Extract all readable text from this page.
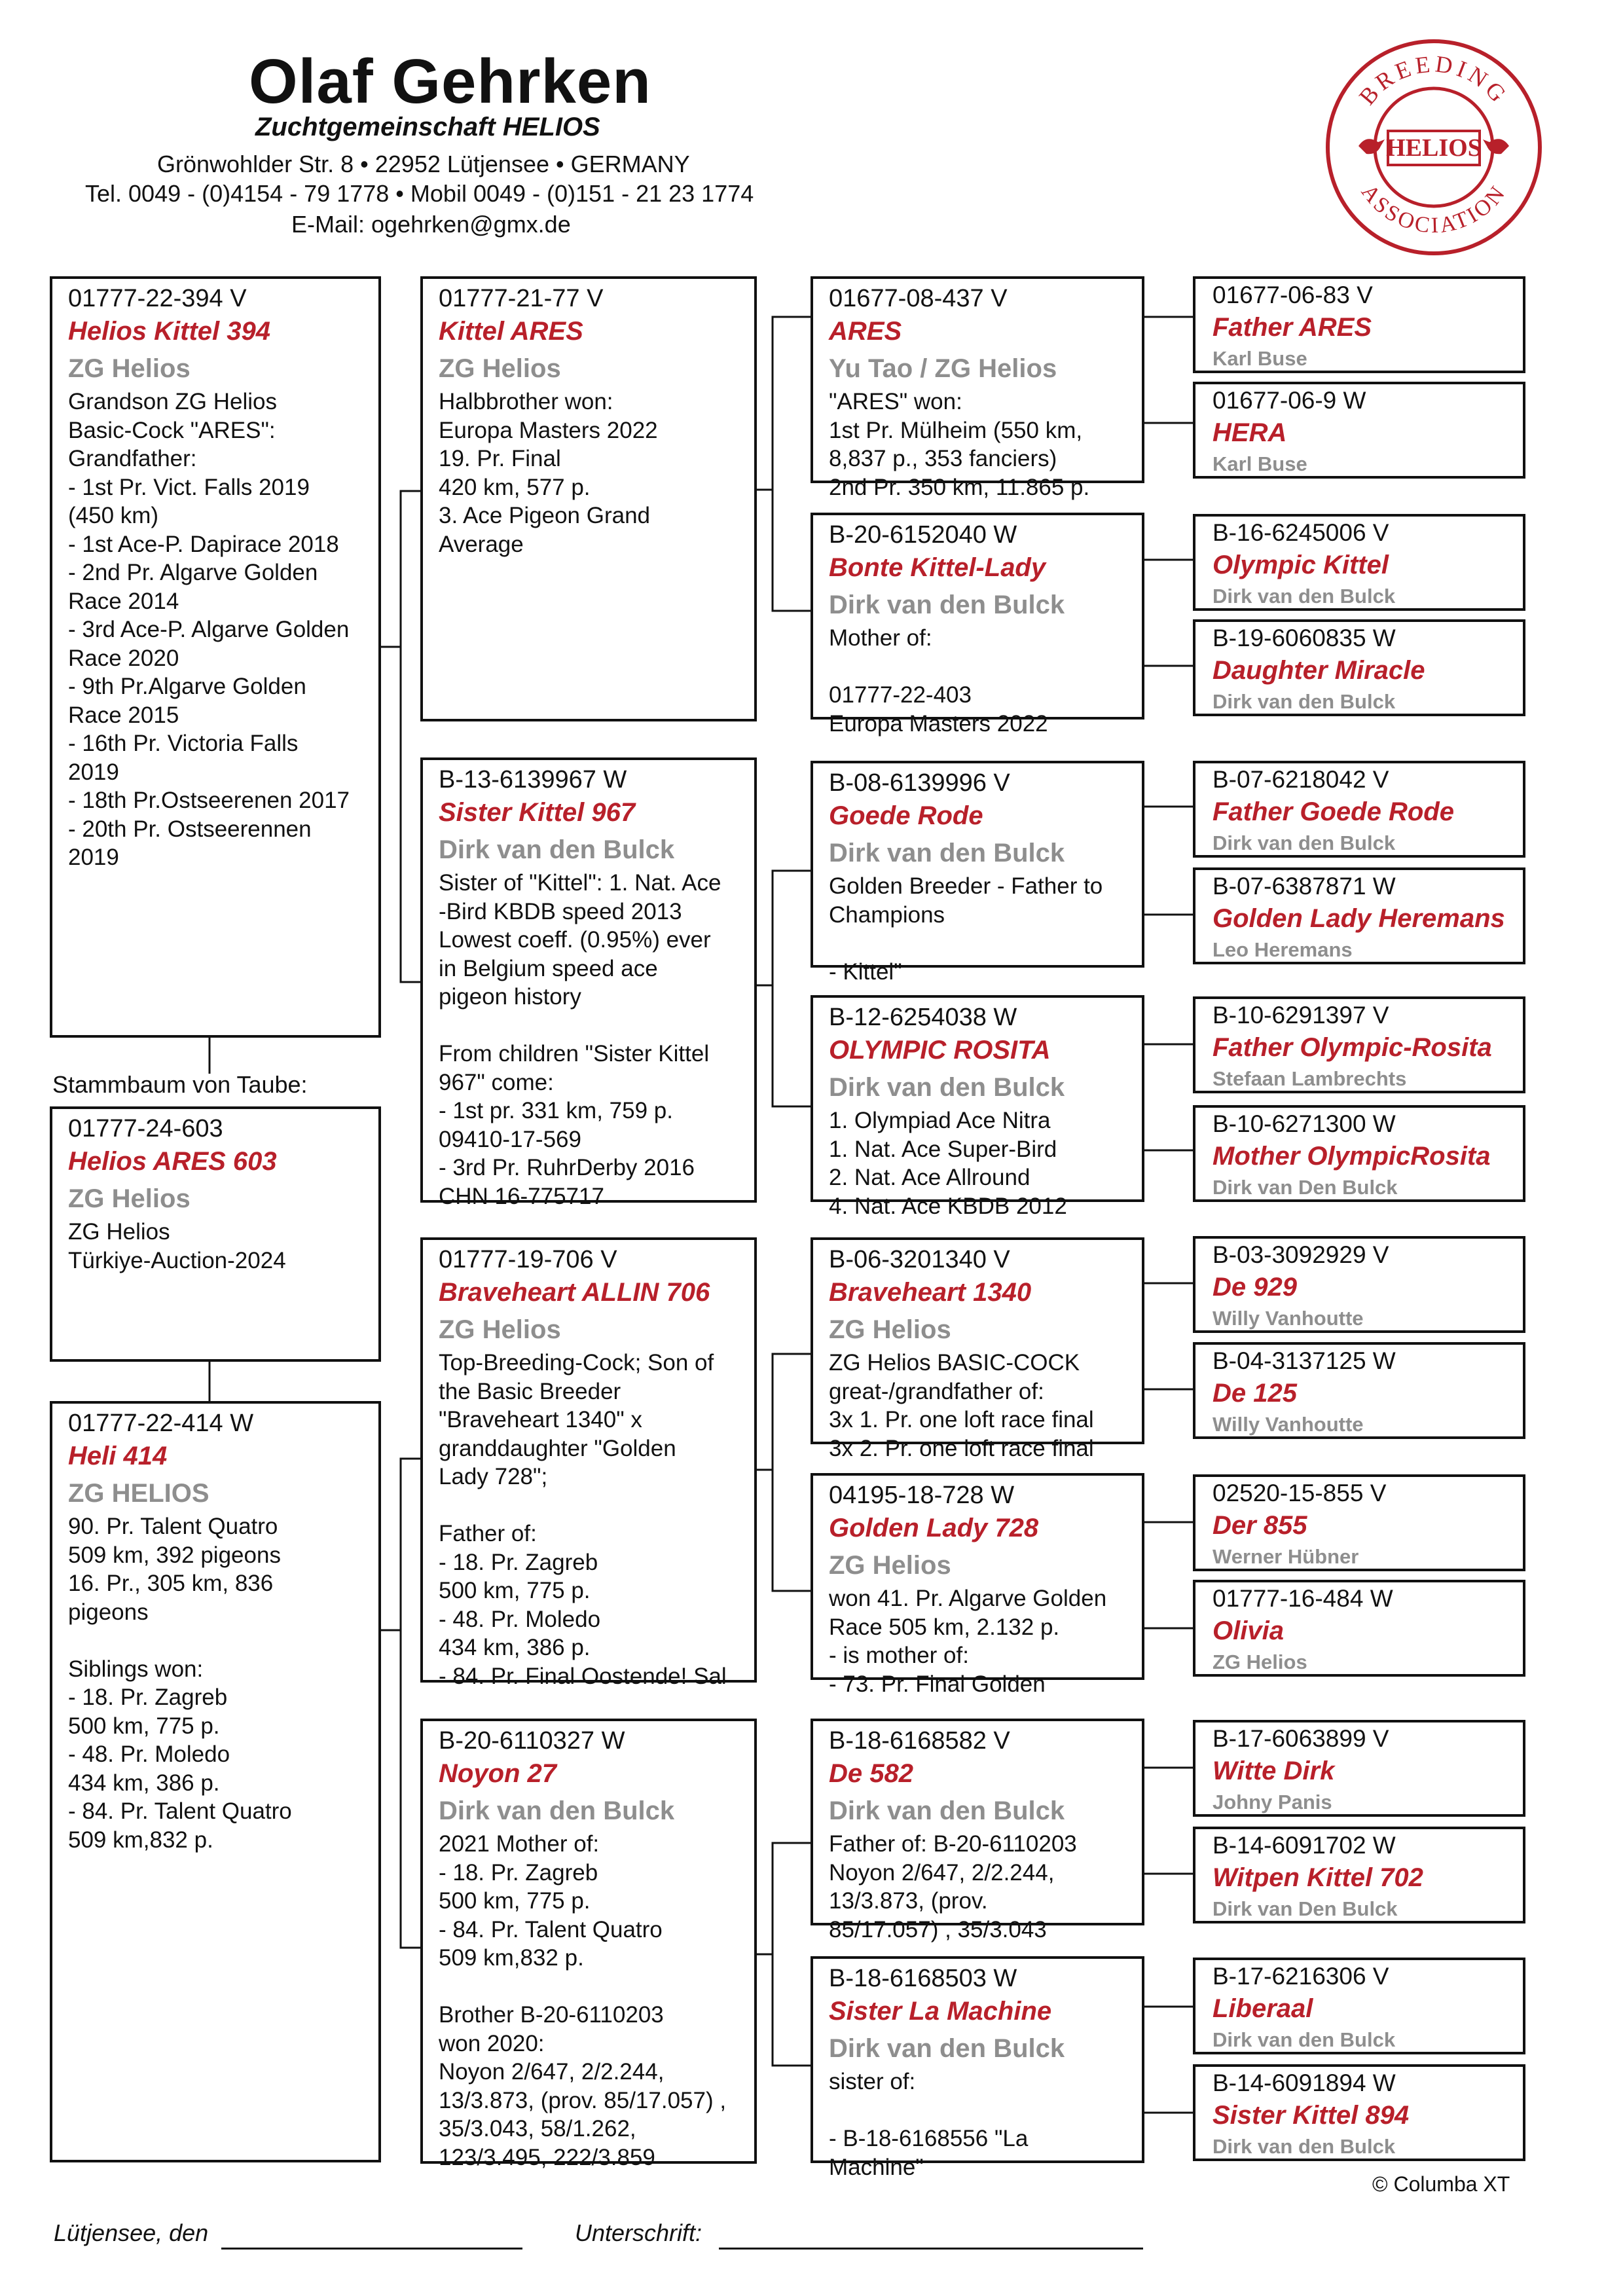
Olaf Gehrken
Zuchtgemeinschaft HELIOS
Grönwohlder Str. 8 • 22952 Lütjensee • GERMANY
Tel. 0049 - (0)4154 - 79 1778 • Mobil 0049 - (0)151 - 21 23 1774
E-Mail: ogehrken@gmx.de
BREEDING
ASSOCIATION
HELIOS
01777-22-394 V
Helios Kittel 394
ZG Helios
Grandson ZG Helios
Basic-Cock "ARES":
Grandfather:
- 1st Pr. Vict. Falls 2019
(450 km)
- 1st Ace-P. Dapirace 2018
- 2nd Pr. Algarve Golden
Race 2014
- 3rd Ace-P. Algarve Golden
Race 2020
- 9th Pr.Algarve Golden
Race 2015
- 16th Pr. Victoria Falls
2019
- 18th Pr.Ostseerenen 2017
- 20th Pr. Ostseerennen
2019
Stammbaum von Taube:
01777-24-603
Helios ARES 603
ZG Helios
ZG Helios
Türkiye-Auction-2024
01777-22-414 W
Heli 414
ZG HELIOS
90. Pr. Talent Quatro
509 km, 392 pigeons
16. Pr., 305 km, 836
pigeons

Siblings won:
- 18. Pr. Zagreb
500 km, 775 p.
- 48. Pr. Moledo
434 km, 386 p.
- 84. Pr. Talent Quatro
509 km,832 p.
01777-21-77 V
Kittel ARES
ZG Helios
Halbbrother won:
Europa Masters 2022
19. Pr. Final
420 km, 577 p.
3. Ace Pigeon Grand
Average
B-13-6139967 W
Sister Kittel 967
Dirk van den Bulck
Sister of "Kittel": 1. Nat. Ace
-Bird KBDB speed 2013
Lowest coeff. (0.95%) ever
in Belgium speed ace
pigeon history

From children "Sister Kittel
967" come:
- 1st pr. 331 km, 759 p.
09410-17-569
- 3rd Pr. RuhrDerby 2016
CHN 16-775717
01777-19-706 V
Braveheart ALLIN 706
ZG Helios
Top-Breeding-Cock; Son of
the Basic Breeder
"Braveheart 1340" x
granddaughter "Golden
Lady 728";

Father of:
- 18. Pr. Zagreb
500 km, 775 p.
- 48. Pr. Moledo
434 km, 386 p.
- 84. Pr. Final Oostende! Sal
B-20-6110327 W
Noyon 27
Dirk van den Bulck
2021 Mother of:
- 18. Pr. Zagreb
500 km, 775 p.
- 84. Pr. Talent Quatro
509 km,832 p.

Brother B-20-6110203
won 2020:
Noyon 2/647, 2/2.244,
13/3.873, (prov. 85/17.057) ,
35/3.043, 58/1.262,
123/3.495, 222/3.859
01677-08-437 V
ARES
Yu Tao / ZG Helios
"ARES" won:
1st Pr. Mülheim (550 km,
8,837 p., 353 fanciers)
2nd Pr. 350 km, 11.865 p.
B-20-6152040 W
Bonte Kittel-Lady
Dirk van den Bulck
Mother of:

01777-22-403
Europa Masters 2022
B-08-6139996 V
Goede Rode
Dirk van den Bulck
Golden Breeder - Father to
Champions

- Kittel"
B-12-6254038 W
OLYMPIC ROSITA
Dirk van den Bulck
1. Olympiad Ace Nitra
1. Nat. Ace Super-Bird
2. Nat. Ace Allround
4. Nat. Ace KBDB 2012
B-06-3201340 V
Braveheart 1340
ZG Helios
ZG Helios BASIC-COCK
great-/grandfather of:
3x 1. Pr. one loft race final
3x 2. Pr. one loft race final
04195-18-728 W
Golden Lady 728
ZG Helios
won 41. Pr. Algarve Golden
Race 505 km, 2.132 p.
- is mother of:
- 73. Pr. Final Golden
B-18-6168582 V
De 582
Dirk van den Bulck
Father of: B-20-6110203
Noyon 2/647, 2/2.244,
13/3.873, (prov.
85/17.057) , 35/3.043
B-18-6168503 W
Sister La Machine
Dirk van den Bulck
sister of:

- B-18-6168556 "La
Machine"
01677-06-83 V
Father ARES
Karl Buse
01677-06-9 W
HERA
Karl Buse
B-16-6245006 V
Olympic Kittel
Dirk van den Bulck
B-19-6060835 W
Daughter Miracle
Dirk van den Bulck
B-07-6218042 V
Father Goede Rode
Dirk van den Bulck
B-07-6387871 W
Golden Lady Heremans
Leo Heremans
B-10-6291397 V
Father Olympic-Rosita
Stefaan Lambrechts
B-10-6271300 W
Mother OlympicRosita
Dirk van Den Bulck
B-03-3092929 V
De 929
Willy Vanhoutte
B-04-3137125 W
De 125
Willy Vanhoutte
02520-15-855 V
Der 855
Werner Hübner
01777-16-484 W
Olivia
ZG Helios
B-17-6063899 V
Witte Dirk
Johny Panis
B-14-6091702 W
Witpen Kittel 702
Dirk van Den Bulck
B-17-6216306 V
Liberaal
Dirk van den Bulck
B-14-6091894 W
Sister Kittel 894
Dirk van den Bulck
© Columba XT
Lütjensee, den	Unterschrift:
